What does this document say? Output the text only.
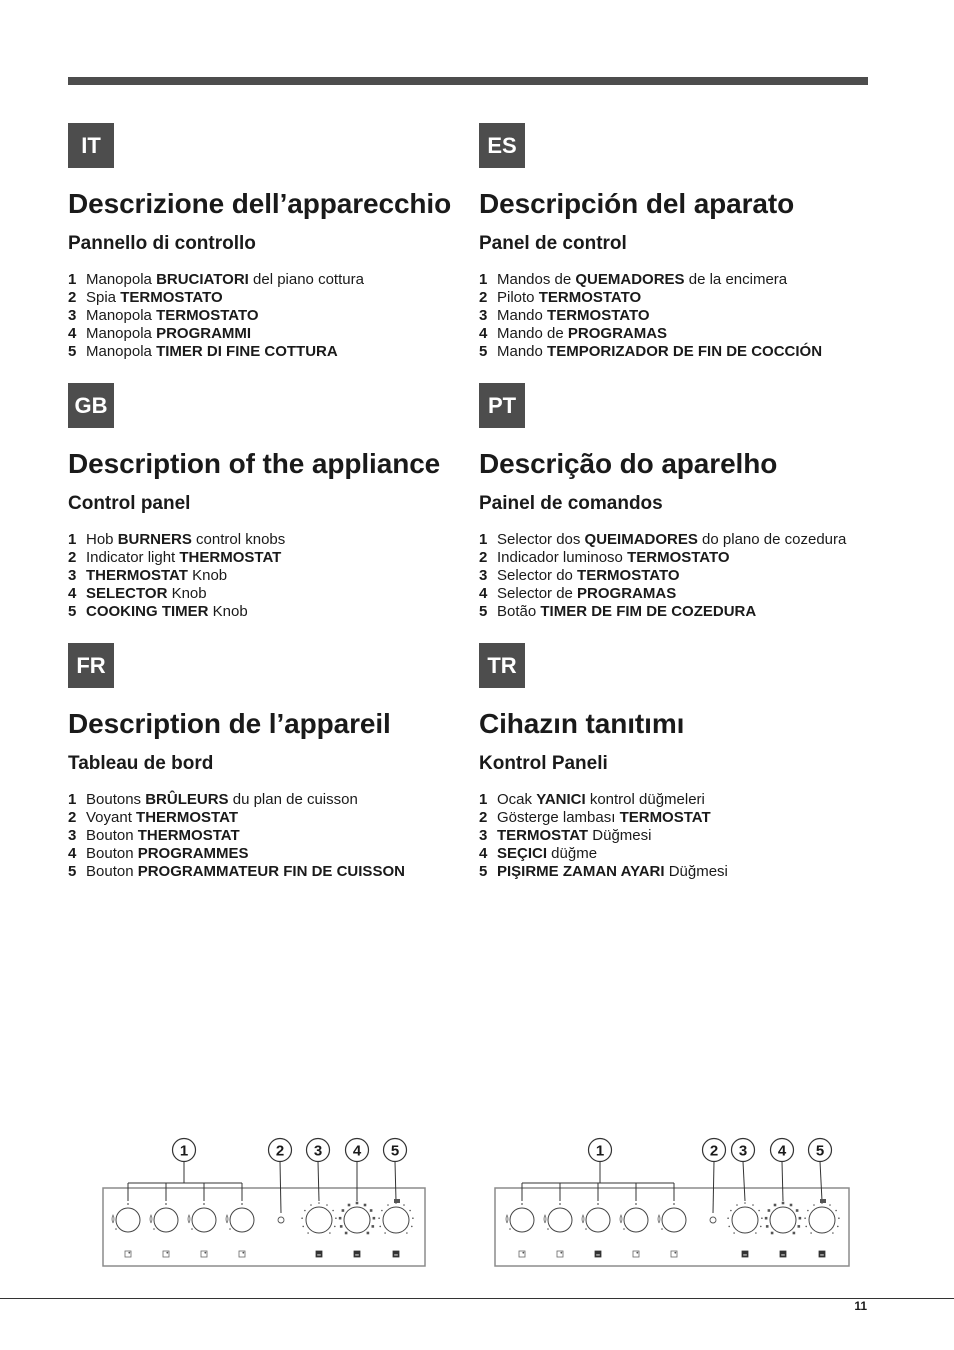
IT
Descrizione dell’apparecchio
Pannello di controllo
1 Manopola BRUCIATORI del piano cottura
2 Spia TERMOSTATO
3 Manopola TERMOSTATO
4 Manopola PROGRAMMI
5 Manopola TIMER DI FINE COTTURA
ES
Descripción del aparato
Panel de control
1 Mandos de QUEMADORES de la encimera
2 Piloto TERMOSTATO
3 Mando TERMOSTATO
4 Mando de PROGRAMAS
5 Mando TEMPORIZADOR DE FIN DE COCCIÓN
GB
Description of the appliance
Control panel
1 Hob BURNERS control knobs
2 Indicator light THERMOSTAT
3 THERMOSTAT Knob
4 SELECTOR Knob
5 COOKING TIMER Knob
PT
Descrição do aparelho
Painel de comandos
1 Selector dos QUEIMADORES do plano de cozedura
2 Indicador luminoso TERMOSTATO
3 Selector do TERMOSTATO
4 Selector de PROGRAMAS
5 Botão TIMER DE FIM DE COZEDURA
FR
Description de l’appareil
Tableau de bord
1 Boutons BRÛLEURS du plan de cuisson
2 Voyant THERMOSTAT
3 Bouton THERMOSTAT
4 Bouton PROGRAMMES
5 Bouton PROGRAMMATEUR FIN DE CUISSON
TR
Cihazın tanıtımı
Kontrol Paneli
1 Ocak YANICI kontrol düğmeleri
2 Gösterge lambası TERMOSTAT
3 TERMOSTAT Düğmesi
4 SEÇICI düğme
5 PIŞIRME ZAMAN AYARI Düğmesi
1	2 3 4 5	1	2 3 4 5
11
